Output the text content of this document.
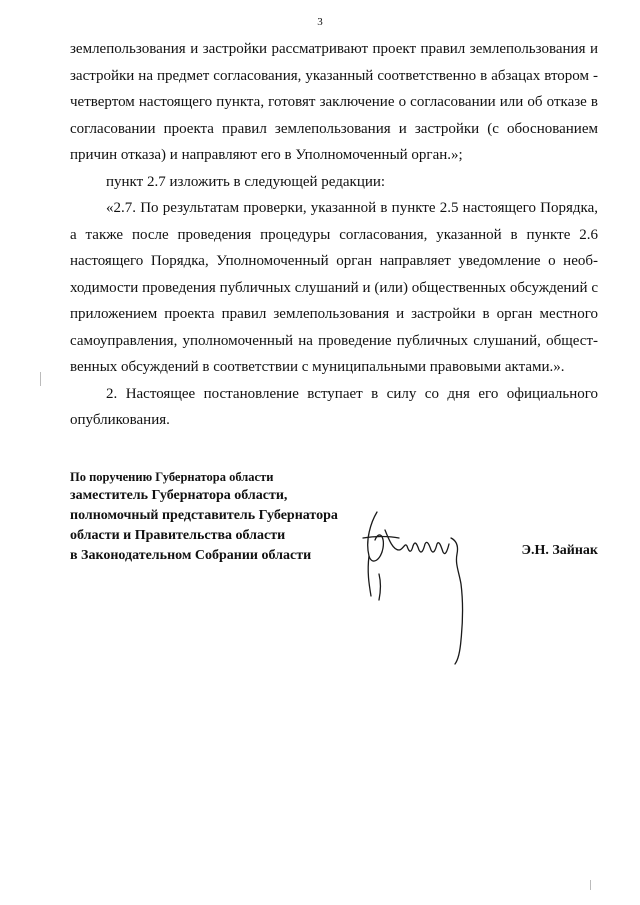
3

землепользования и застройки рассматривают проект правил землепользования и застройки на предмет согласования, указанный соответственно в абзацах втором - четвертом настоящего пункта, готовят заключение о согласовании или об отказе в согласовании проекта правил землепользования и застройки (с обоснованием причин отказа) и направляют его в Уполномоченный орган.»;

пункт 2.7 изложить в следующей редакции:

«2.7. По результатам проверки, указанной в пункте 2.5 настоящего Порядка, а также после проведения процедуры согласования, указанной в пункте 2.6 настоящего Порядка, Уполномоченный орган направляет уведомление о необходимости проведения публичных слушаний и (или) общественных обсуждений с приложением проекта правил землепользования и застройки в орган местного самоуправления, уполномоченный на проведение публичных слушаний, общественных обсуждений в соответствии с муниципальными правовыми актами.».

2. Настоящее постановление вступает в силу со дня его официального опубликования.

По поручению Губернатора области
заместитель Губернатора области,
полномочный представитель Губернатора
области и Правительства области
в Законодательном Собрании области	Э.Н. Зайнак
